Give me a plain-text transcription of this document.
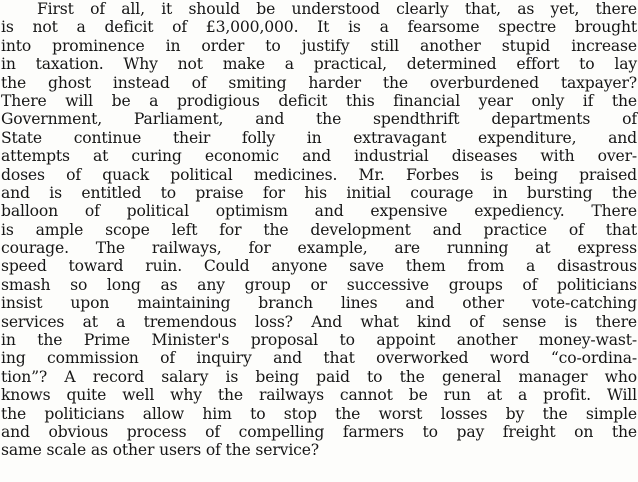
First of all, it should be understood clearly that, as yet, there
is not a deficit of £3,000,000. It is a fearsome spectre brought
into prominence in order to justify still another stupid increase
in taxation. Why not make a practical, determined effort to lay
the ghost instead of smiting harder the overburdened taxpayer?
There will be a prodigious deficit this financial year only if the
Government, Parliament, and the spendthrift departments of
State continue their folly in extravagant expenditure, and
attempts at curing economic and industrial diseases with over-
doses of quack political medicines. Mr. Forbes is being praised
and is entitled to praise for his initial courage in bursting the
balloon of political optimism and expensive expediency. There
is ample scope left for the development and practice of that
courage. The railways, for example, are running at express
speed toward ruin. Could anyone save them from a disastrous
smash so long as any group or successive groups of politicians
insist upon maintaining branch lines and other vote-catching
services at a tremendous loss? And what kind of sense is there
in the Prime Minister's proposal to appoint another money-wast-
ing commission of inquiry and that overworked word “co-ordina-
tion”? A record salary is being paid to the general manager who
knows quite well why the railways cannot be run at a profit. Will
the politicians allow him to stop the worst losses by the simple
and obvious process of compelling farmers to pay freight on the
same scale as other users of the service?
